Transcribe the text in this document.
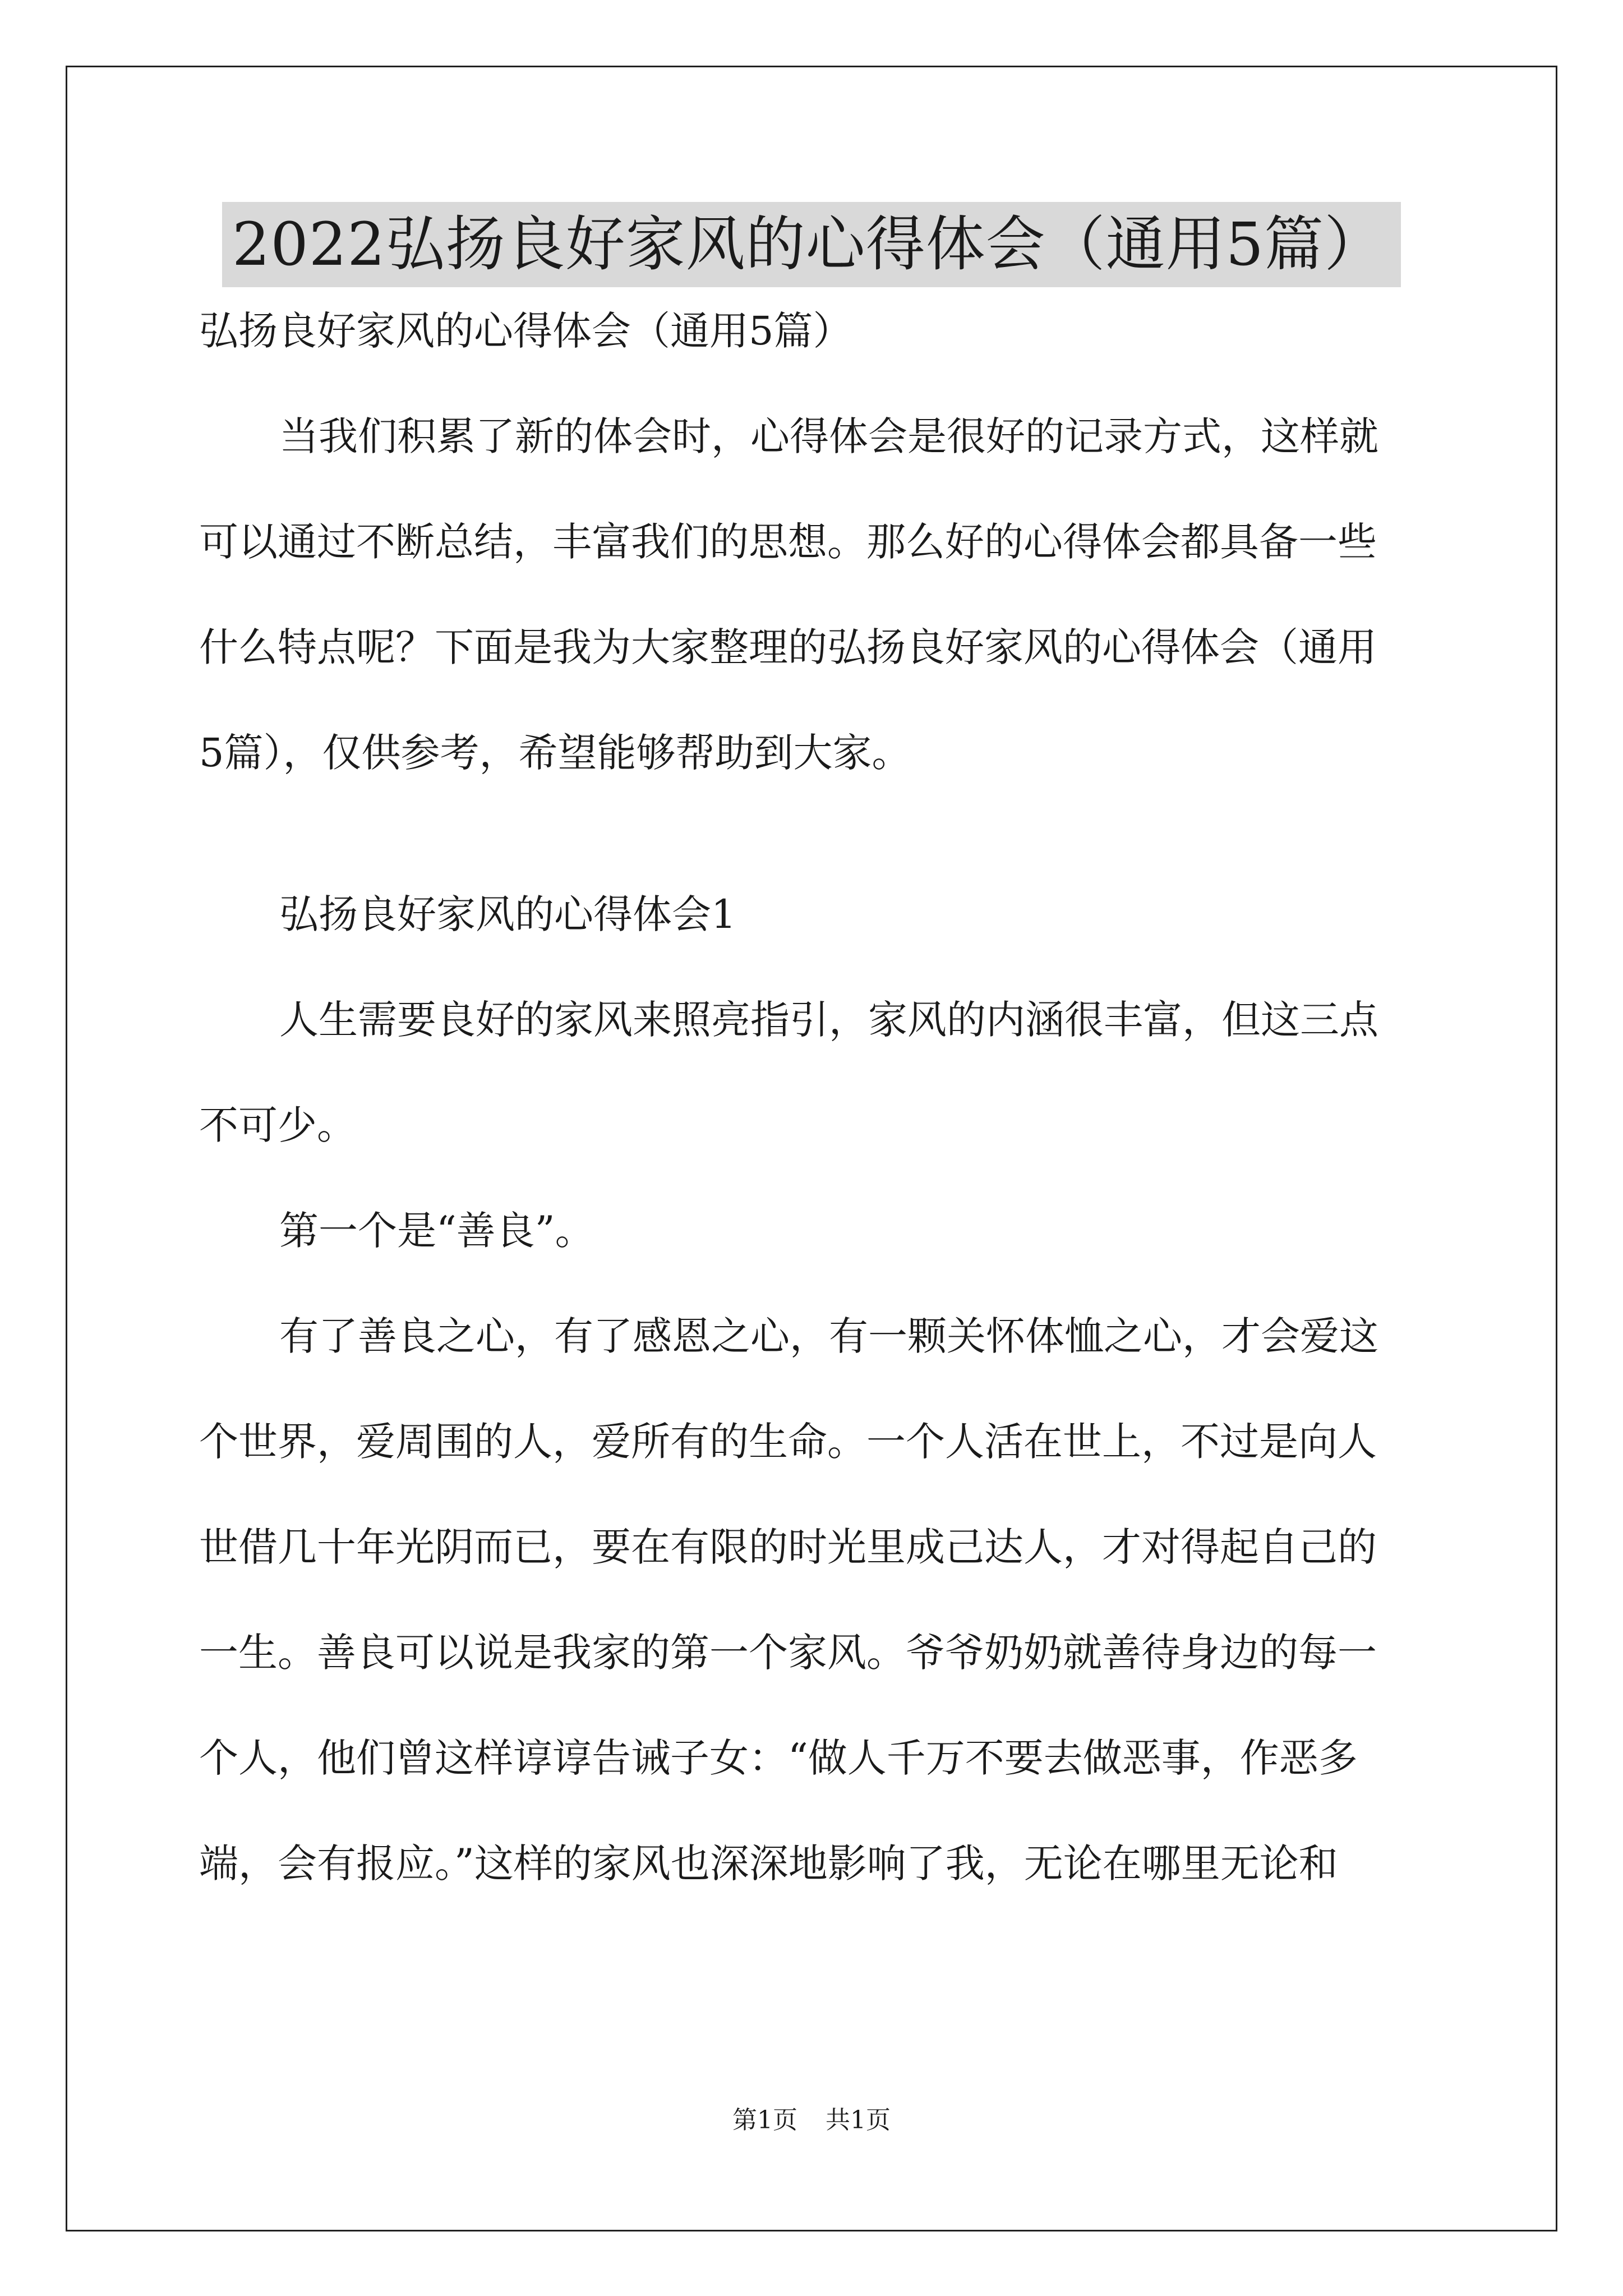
2022弘扬良好家风的心得体会（通用5篇）
弘扬良好家风的心得体会（通用5篇）
当我们积累了新的体会时，心得体会是很好的记录方式，这样就
可以通过不断总结，丰富我们的思想。那么好的心得体会都具备一些
什么特点呢？下面是我为大家整理的弘扬良好家风的心得体会（通用
5篇），仅供参考，希望能够帮助到大家。
弘扬良好家风的心得体会1
人生需要良好的家风来照亮指引，家风的内涵很丰富，但这三点
不可少。
第一个是“善良”。
有了善良之心，有了感恩之心，有一颗关怀体恤之心，才会爱这
个世界，爱周围的人，爱所有的生命。一个人活在世上，不过是向人
世借几十年光阴而已，要在有限的时光里成己达人，才对得起自己的
一生。善良可以说是我家的第一个家风。爷爷奶奶就善待身边的每一
个人，他们曾这样谆谆告诫子女：“做人千万不要去做恶事，作恶多
端，会有报应。”这样的家风也深深地影响了我，无论在哪里无论和
第1页 共1页
